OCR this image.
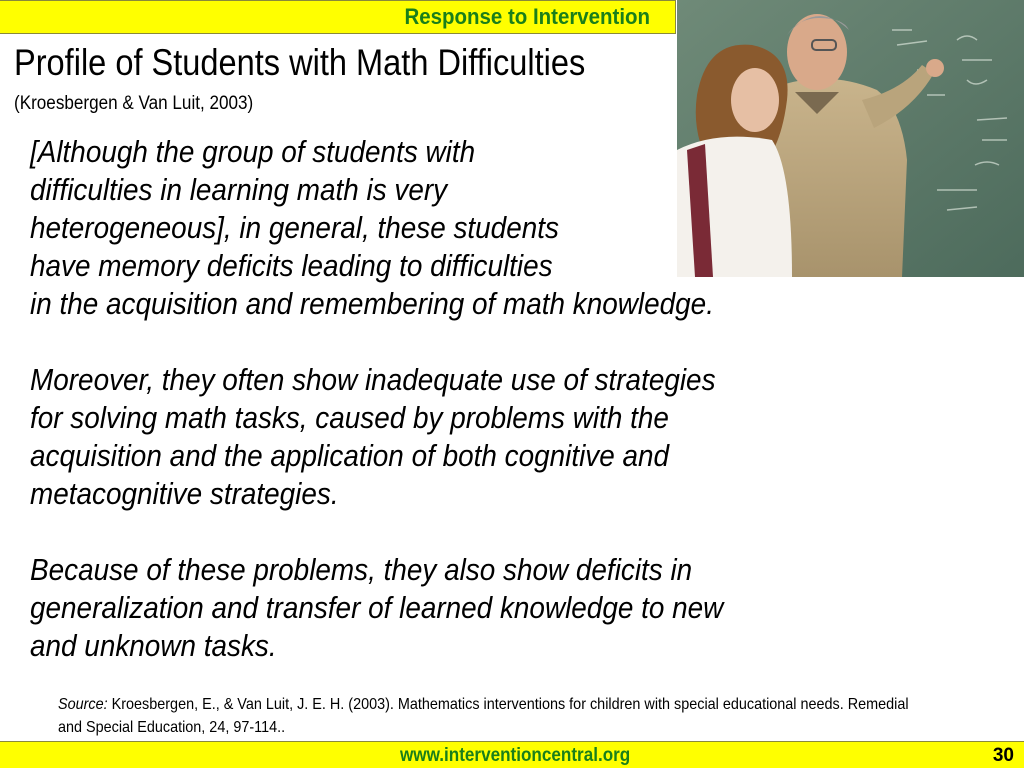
Response to Intervention
Profile of Students with Math Difficulties
(Kroesbergen & Van Luit, 2003)
[Although the group of students with
difficulties in learning math is very
heterogeneous], in general, these students
have memory deficits leading to difficulties
in the acquisition and remembering of math knowledge.
Moreover, they often show inadequate use of strategies
for solving math tasks, caused by problems with the
acquisition and the application of both cognitive and
metacognitive strategies.
Because of these problems, they also show deficits in
generalization and transfer of learned knowledge to new
and unknown tasks.
Source: Kroesbergen, E., & Van Luit, J. E. H. (2003). Mathematics interventions for children with special educational needs. Remedial and Special Education, 24, 97-114..
www.interventioncentral.org	30
